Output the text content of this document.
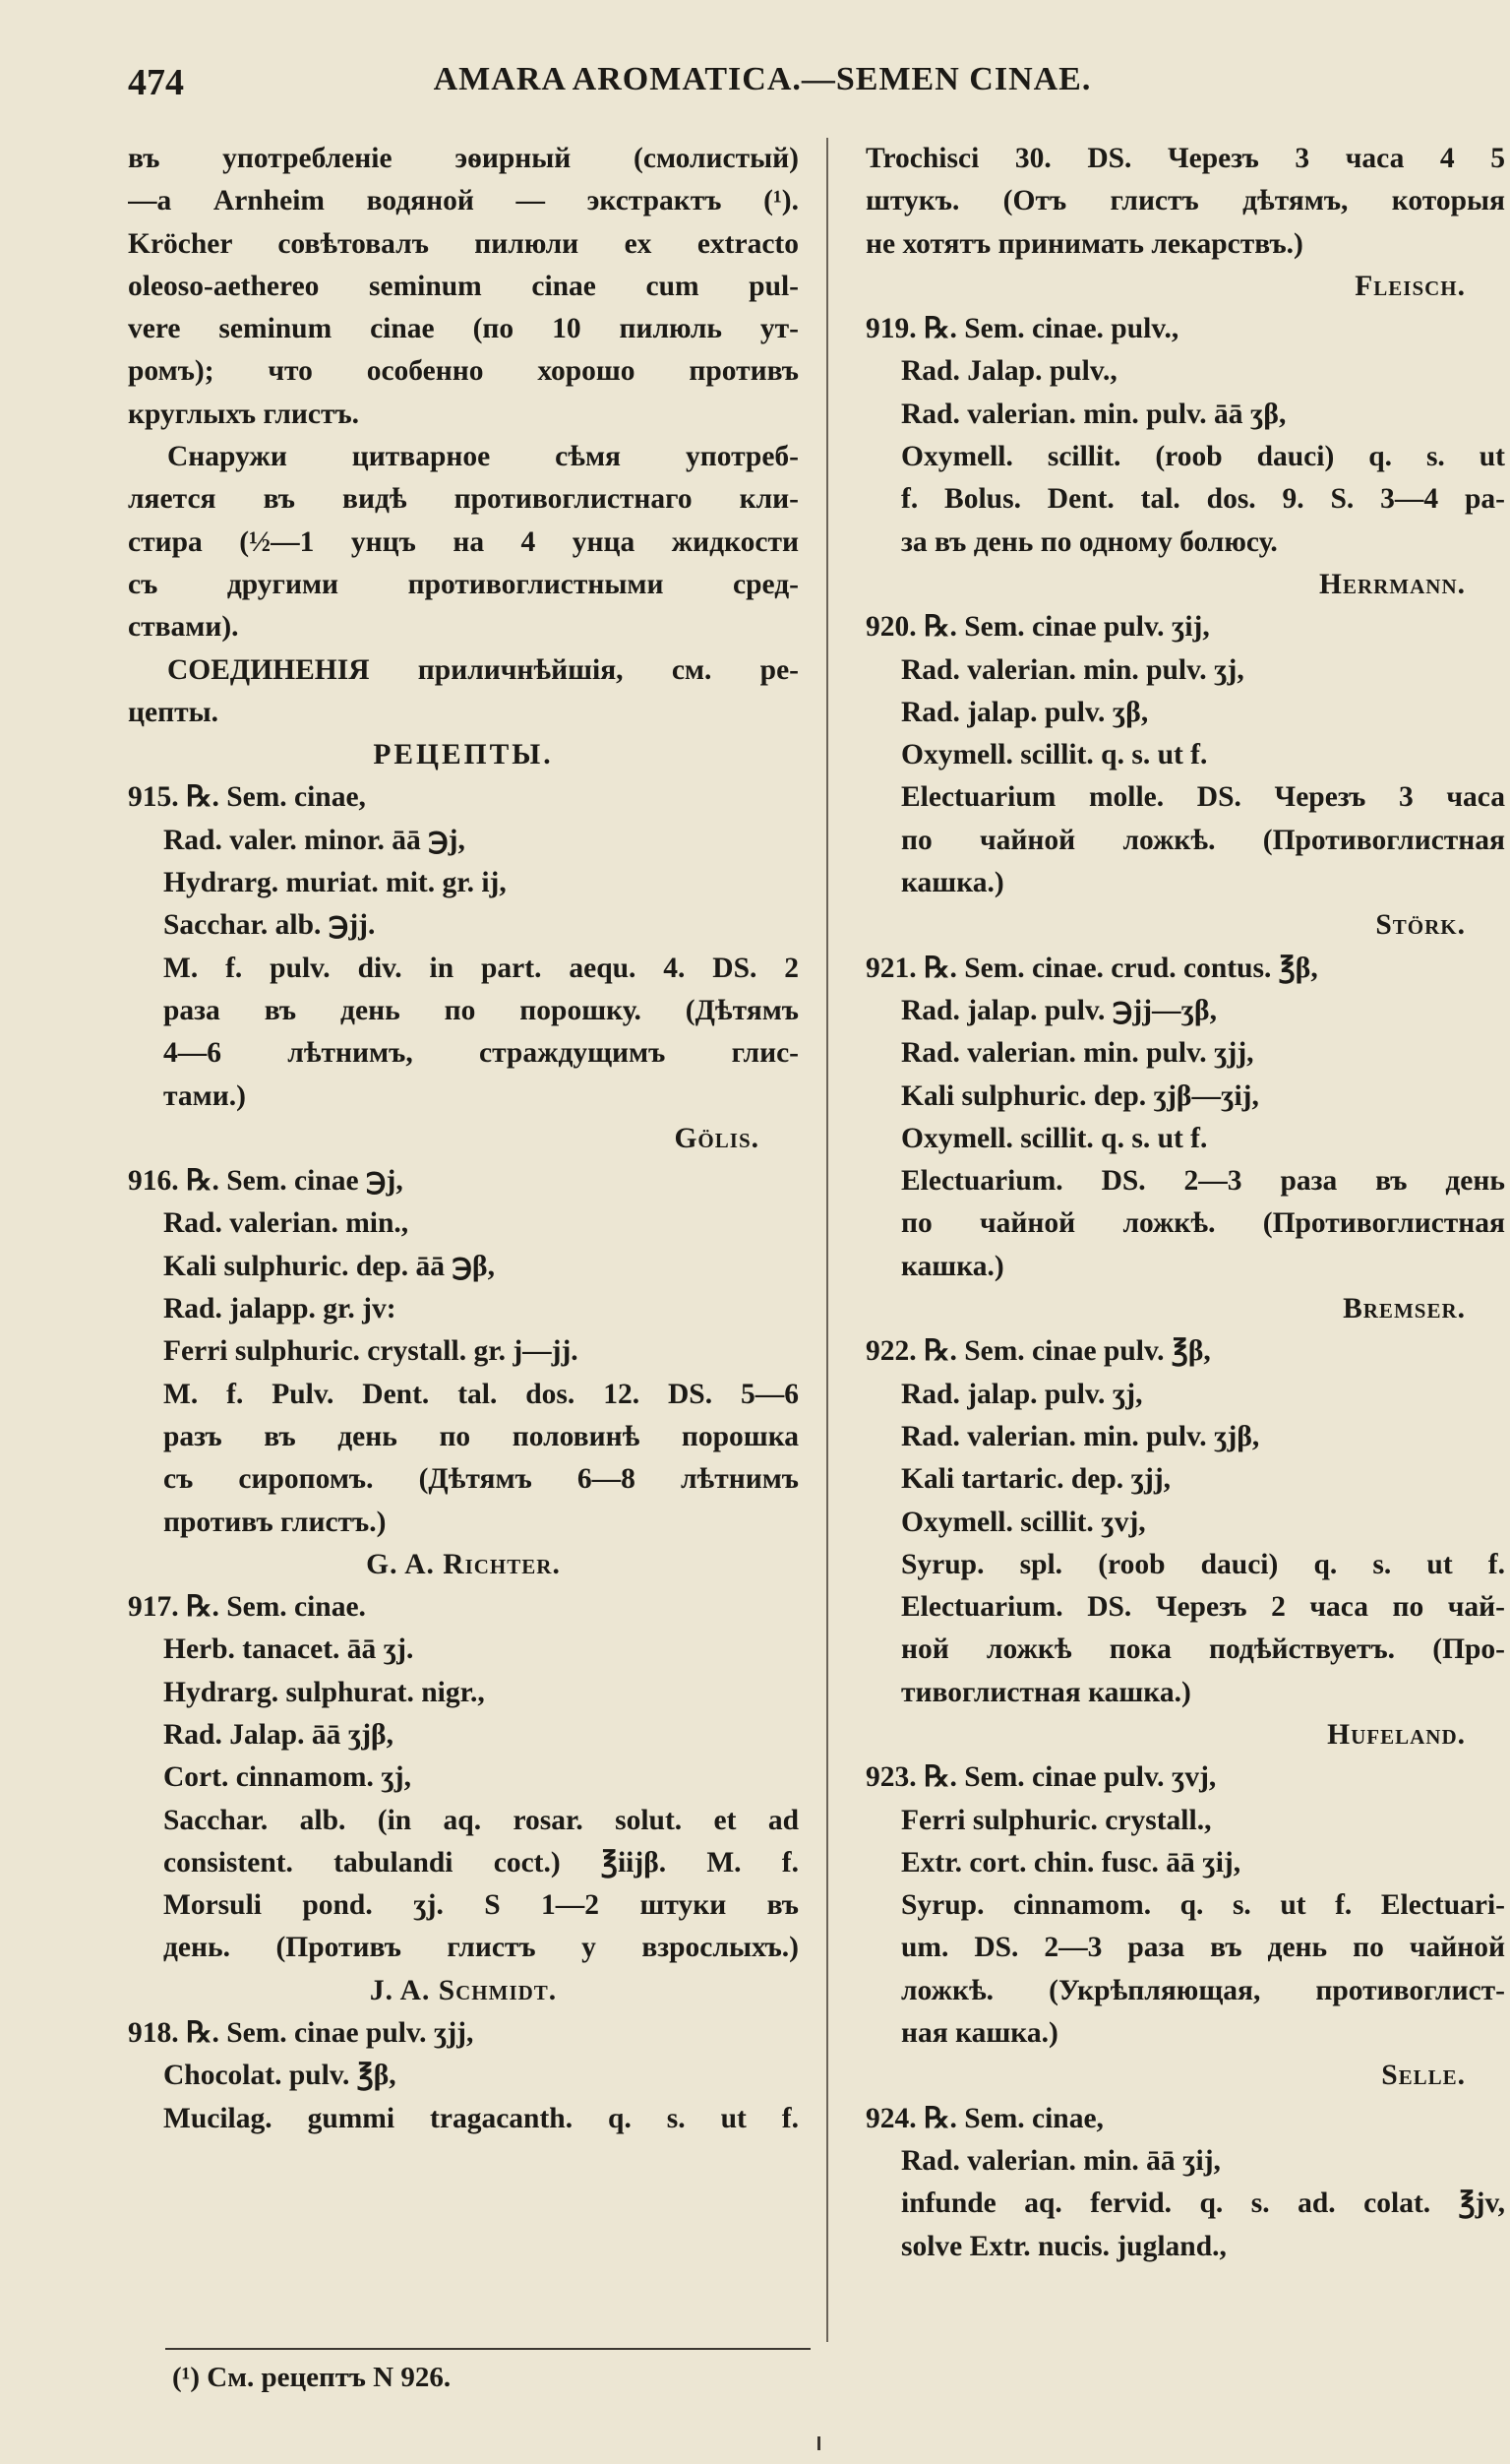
474	AMARA AROMATICA.—SEMEN CINAE.
въ употребленіе эѳирный (смолистый)
—а Arnheim водяной — экстрактъ (¹).
Kröcher совѣтовалъ пилюли ex extracto
oleoso-aethereo seminum cinae cum pul-
vere seminum cinae (по 10 пилюль ут-
ромъ); что особенно хорошо противъ
круглыхъ глистъ.
Снаружи цитварное сѣмя употреб-
ляется въ видѣ противоглистнаго кли-
стира (½—1 унцъ на 4 унца жидкости
съ другими противоглистными сред-
ствами).
СОЕДИНЕНІЯ приличнѣйшія, см. ре-
цепты.
РЕЦЕПТЫ.
915. ℞. Sem. cinae,
Rad. valer. minor. āā ℈j,
Hydrarg. muriat. mit. gr. ij,
Sacchar. alb. ℈jj.
M. f. pulv. div. in part. aequ. 4. DS. 2
раза въ день по порошку. (Дѣтямъ
4—6 лѣтнимъ, страждущимъ глис-
тами.)
Gölis.
916. ℞. Sem. cinae ℈j,
Rad. valerian. min.,
Kali sulphuric. dep. āā ℈β,
Rad. jalapp. gr. jv:
Ferri sulphuric. crystall. gr. j—jj.
M. f. Pulv. Dent. tal. dos. 12. DS. 5—6
разъ въ день по половинѣ порошка
съ сиропомъ. (Дѣтямъ 6—8 лѣтнимъ
противъ глистъ.)
G. A. Richter.
917. ℞. Sem. cinae.
Herb. tanacet. āā ʒj.
Hydrarg. sulphurat. nigr.,
Rad. Jalap. āā ʒjβ,
Cort. cinnamom. ʒj,
Sacchar. alb. (in aq. rosar. solut. et ad
consistent. tabulandi coct.) ℥iijβ. M. f.
Morsuli pond. ʒj. S 1—2 штуки въ
день. (Противъ глистъ у взрослыхъ.)
J. A. Schmidt.
918. ℞. Sem. cinae pulv. ʒjj,
Chocolat. pulv. ℥β,
Mucilag. gummi tragacanth. q. s. ut f.
Trochisci 30. DS. Черезъ 3 часа 4 5
штукъ. (Отъ глистъ дѣтямъ, которыя
не хотятъ принимать лекарствъ.)
Fleisch.
919. ℞. Sem. cinae. pulv.,
Rad. Jalap. pulv.,
Rad. valerian. min. pulv. āā ʒβ,
Oxymell. scillit. (roob dauci) q. s. ut
f. Bolus. Dent. tal. dos. 9. S. 3—4 ра-
за въ день по одному болюсу.
Herrmann.
920. ℞. Sem. cinae pulv. ʒij,
Rad. valerian. min. pulv. ʒj,
Rad. jalap. pulv. ʒβ,
Oxymell. scillit. q. s. ut f.
Electuarium molle. DS. Черезъ 3 часа
по чайной ложкѣ. (Противоглистная
кашка.)
Störk.
921. ℞. Sem. cinae. crud. contus. ℥β,
Rad. jalap. pulv. ℈jj—ʒβ,
Rad. valerian. min. pulv. ʒjj,
Kali sulphuric. dep. ʒjβ—ʒij,
Oxymell. scillit. q. s. ut f.
Electuarium. DS. 2—3 раза въ день
по чайной ложкѣ. (Противоглистная
кашка.)
Bremser.
922. ℞. Sem. cinae pulv. ℥β,
Rad. jalap. pulv. ʒj,
Rad. valerian. min. pulv. ʒjβ,
Kali tartaric. dep. ʒjj,
Oxymell. scillit. ʒvj,
Syrup. spl. (roob dauci) q. s. ut f.
Electuarium. DS. Черезъ 2 часа по чай-
ной ложкѣ пока подѣйствуетъ. (Про-
тивоглистная кашка.)
Hufeland.
923. ℞. Sem. cinae pulv. ʒvj,
Ferri sulphuric. crystall.,
Extr. cort. chin. fusc. āā ʒij,
Syrup. cinnamom. q. s. ut f. Electuari-
um. DS. 2—3 раза въ день по чайной
ложкѣ. (Укрѣпляющая, противоглист-
ная кашка.)
Selle.
924. ℞. Sem. cinae,
Rad. valerian. min. āā ʒij,
infunde aq. fervid. q. s. ad. colat. ℥jv,
solve Extr. nucis. jugland.,
(¹) См. рецептъ N 926.
